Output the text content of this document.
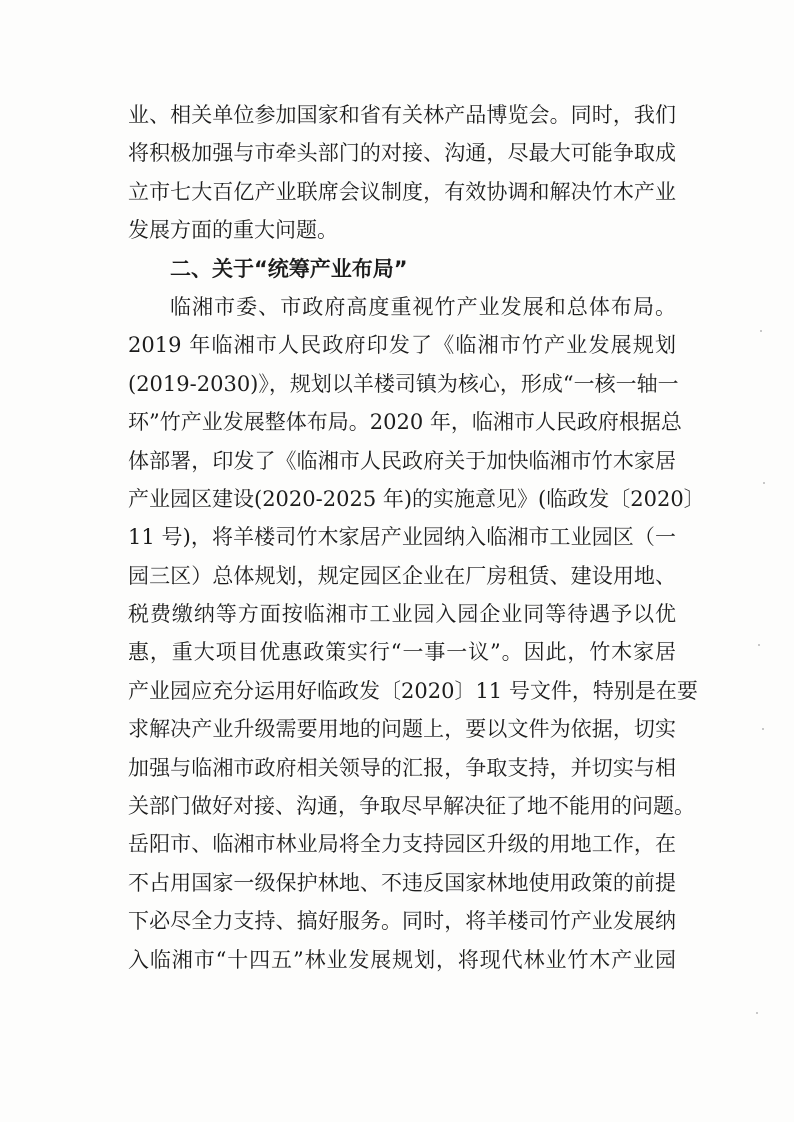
业、相关单位参加国家和省有关林产品博览会。同时，我们
将积极加强与市牵头部门的对接、沟通，尽最大可能争取成
立市七大百亿产业联席会议制度，有效协调和解决竹木产业
发展方面的重大问题。
二、关于“统筹产业布局”
临湘市委、市政府高度重视竹产业发展和总体布局。
2019 年临湘市人民政府印发了《临湘市竹产业发展规划
(2019-2030)》，规划以羊楼司镇为核心，形成“一核一轴一
环”竹产业发展整体布局。2020 年，临湘市人民政府根据总
体部署，印发了《临湘市人民政府关于加快临湘市竹木家居
产业园区建设(2020-2025 年)的实施意见》(临政发〔2020〕
11 号)，将羊楼司竹木家居产业园纳入临湘市工业园区（一
园三区）总体规划，规定园区企业在厂房租赁、建设用地、
税费缴纳等方面按临湘市工业园入园企业同等待遇予以优
惠，重大项目优惠政策实行“一事一议”。因此，竹木家居
产业园应充分运用好临政发〔2020〕11 号文件，特别是在要
求解决产业升级需要用地的问题上，要以文件为依据，切实
加强与临湘市政府相关领导的汇报，争取支持，并切实与相
关部门做好对接、沟通，争取尽早解决征了地不能用的问题。
岳阳市、临湘市林业局将全力支持园区升级的用地工作，在
不占用国家一级保护林地、不违反国家林地使用政策的前提
下必尽全力支持、搞好服务。同时，将羊楼司竹产业发展纳
入临湘市“十四五”林业发展规划，将现代林业竹木产业园
